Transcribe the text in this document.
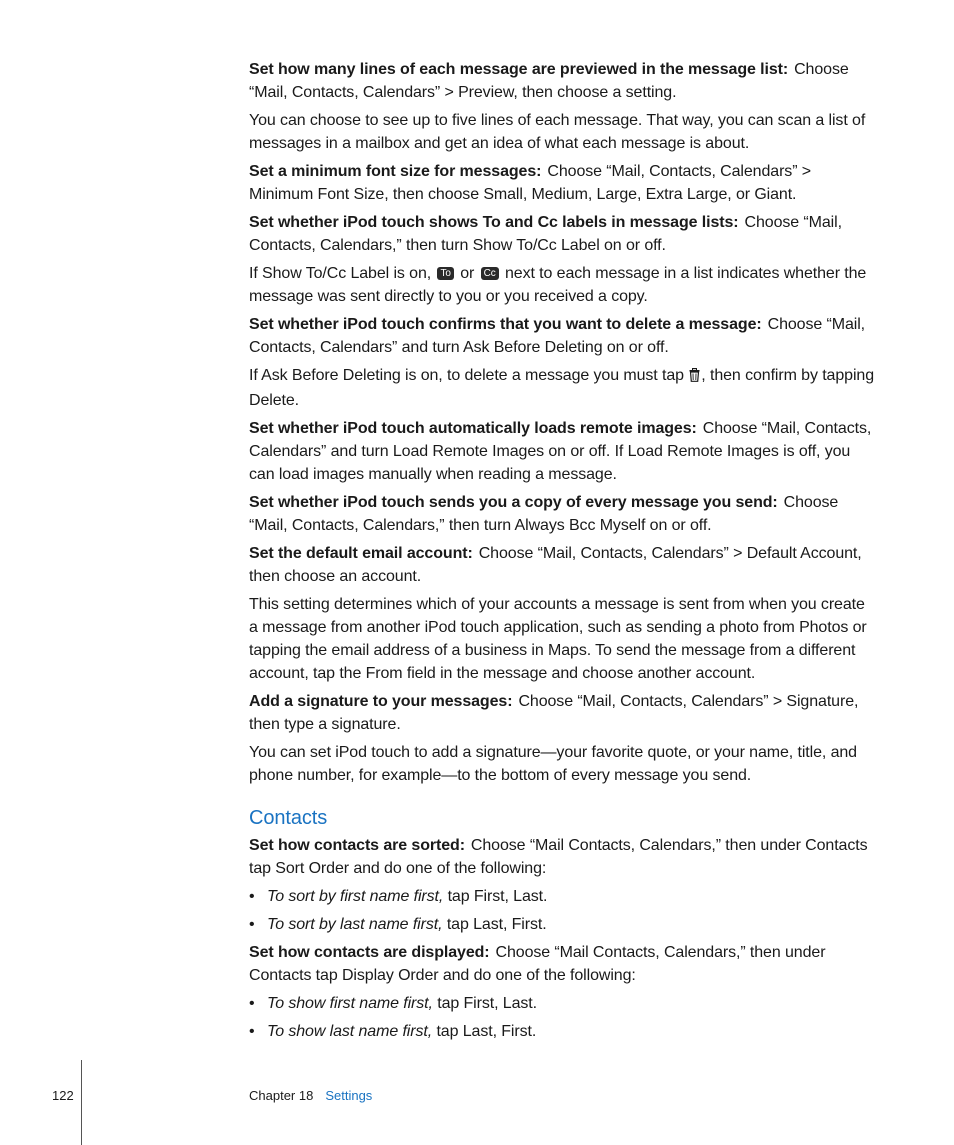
Set how many lines of each message are previewed in the message list: Choose “Mail, Contacts, Calendars” > Preview, then choose a setting.

You can choose to see up to five lines of each message. That way, you can scan a list of messages in a mailbox and get an idea of what each message is about.

Set a minimum font size for messages: Choose “Mail, Contacts, Calendars” > Minimum Font Size, then choose Small, Medium, Large, Extra Large, or Giant.

Set whether iPod touch shows To and Cc labels in message lists: Choose “Mail, Contacts, Calendars,” then turn Show To/Cc Label on or off.

If Show To/Cc Label is on, To or Cc next to each message in a list indicates whether the message was sent directly to you or you received a copy.

Set whether iPod touch confirms that you want to delete a message: Choose “Mail, Contacts, Calendars” and turn Ask Before Deleting on or off.

If Ask Before Deleting is on, to delete a message you must tap , then confirm by tapping Delete.

Set whether iPod touch automatically loads remote images: Choose “Mail, Contacts, Calendars” and turn Load Remote Images on or off. If Load Remote Images is off, you can load images manually when reading a message.

Set whether iPod touch sends you a copy of every message you send: Choose “Mail, Contacts, Calendars,” then turn Always Bcc Myself on or off.

Set the default email account: Choose “Mail, Contacts, Calendars” > Default Account, then choose an account.

This setting determines which of your accounts a message is sent from when you create a message from another iPod touch application, such as sending a photo from Photos or tapping the email address of a business in Maps. To send the message from a different account, tap the From field in the message and choose another account.

Add a signature to your messages: Choose “Mail, Contacts, Calendars” > Signature, then type a signature.

You can set iPod touch to add a signature—your favorite quote, or your name, title, and phone number, for example—to the bottom of every message you send.

Contacts

Set how contacts are sorted: Choose “Mail Contacts, Calendars,” then under Contacts tap Sort Order and do one of the following:

• To sort by first name first, tap First, Last.

• To sort by last name first, tap Last, First.

Set how contacts are displayed: Choose “Mail Contacts, Calendars,” then under Contacts tap Display Order and do one of the following:

• To show first name first, tap First, Last.

• To show last name first, tap Last, First.

122	Chapter 18 Settings
